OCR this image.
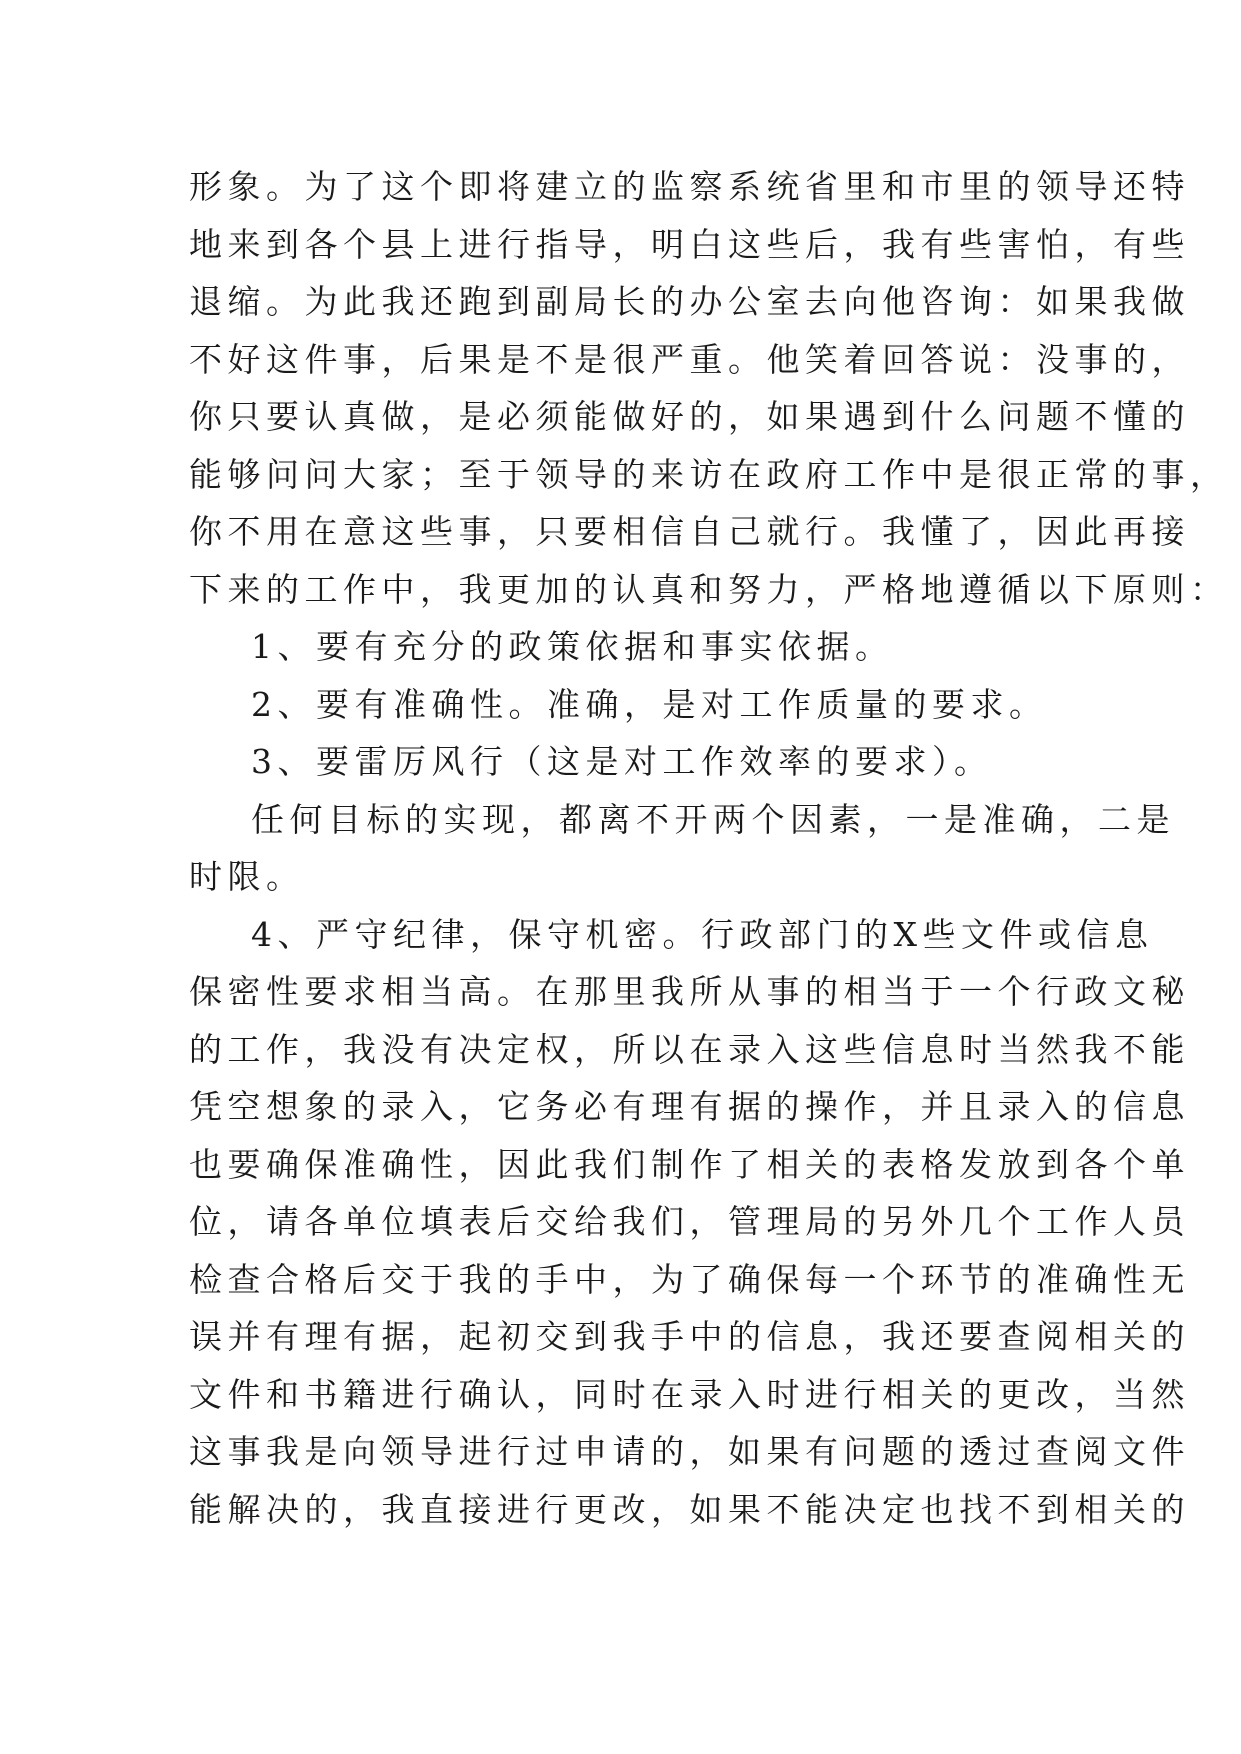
形象。为了这个即将建立的监察系统省里和市里的领导还特
地来到各个县上进行指导，明白这些后，我有些害怕，有些
退缩。为此我还跑到副局长的办公室去向他咨询：如果我做
不好这件事，后果是不是很严重。他笑着回答说：没事的，
你只要认真做，是必须能做好的，如果遇到什么问题不懂的
能够问问大家；至于领导的来访在政府工作中是很正常的事，
你不用在意这些事，只要相信自己就行。我懂了，因此再接
下来的工作中，我更加的认真和努力，严格地遵循以下原则：
1、要有充分的政策依据和事实依据。
2、要有准确性。准确，是对工作质量的要求。
3、要雷厉风行（这是对工作效率的要求）。
任何目标的实现，都离不开两个因素，一是准确，二是
时限。
4、严守纪律，保守机密。行政部门的X些文件或信息
保密性要求相当高。在那里我所从事的相当于一个行政文秘
的工作，我没有决定权，所以在录入这些信息时当然我不能
凭空想象的录入，它务必有理有据的操作，并且录入的信息
也要确保准确性，因此我们制作了相关的表格发放到各个单
位，请各单位填表后交给我们，管理局的另外几个工作人员
检查合格后交于我的手中，为了确保每一个环节的准确性无
误并有理有据，起初交到我手中的信息，我还要查阅相关的
文件和书籍进行确认，同时在录入时进行相关的更改，当然
这事我是向领导进行过申请的，如果有问题的透过查阅文件
能解决的，我直接进行更改，如果不能决定也找不到相关的
